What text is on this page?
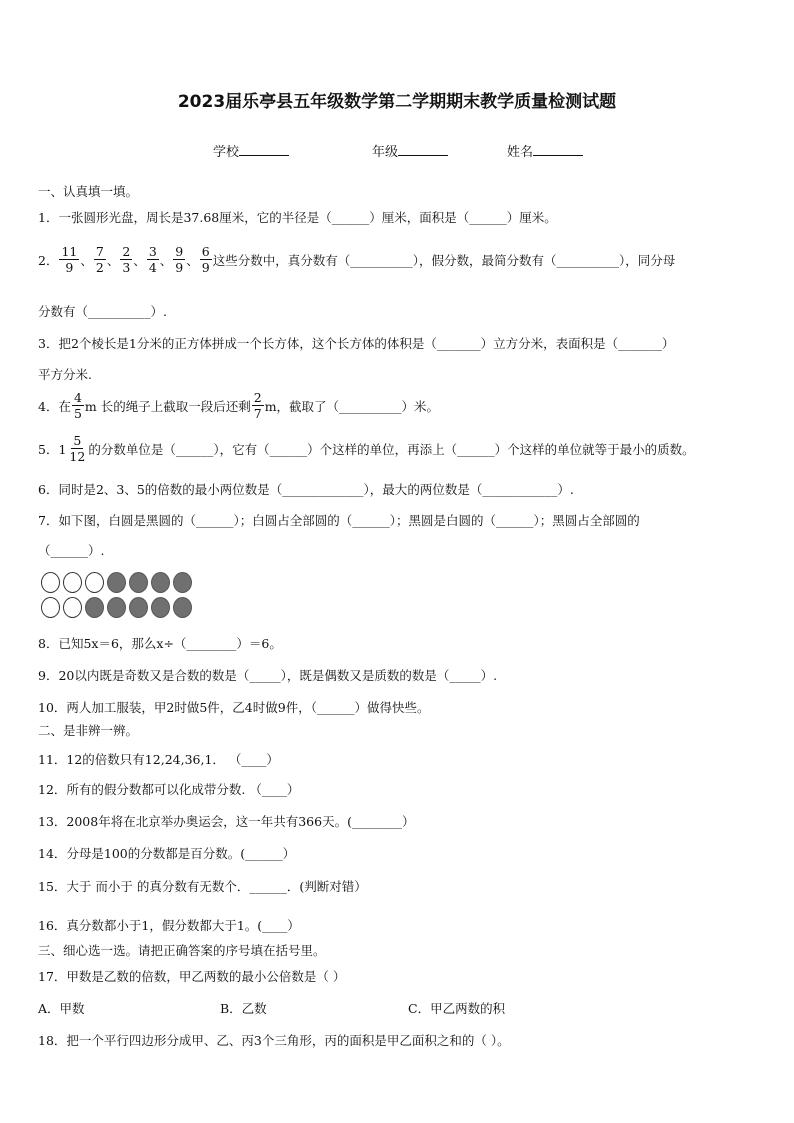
2023届乐亭县五年级数学第二学期期末教学质量检测试题
学校	年级	姓名
一、认真填一填。
1．一张圆形光盘，周长是37.68厘米，它的半径是（______）厘米，面积是（______）厘米。
2． $\frac{11}{9}$ 、 $\frac{7}{2}$ 、 $\frac{2}{3}$ 、 $\frac{3}{4}$ 、 $\frac{9}{9}$ 、 $\frac{6}{9}$ 这些分数中，真分数有（__________），假分数，最简分数有（__________），同分母
分数有（__________）.
3．把2个棱长是1分米的正方体拼成一个长方体，这个长方体的体积是（_______）立方分米，表面积是（_______）
平方分米.
4．在 $\frac{4}{5}$ m 长的绳子上截取一段后还剩 $\frac{2}{7}$ m，截取了（__________）米。
5．$1 \frac{5}{12}$ 的分数单位是（______），它有（______）个这样的单位，再添上（______）个这样的单位就等于最小的质数。
6．同时是2、3、5的倍数的最小两位数是（_____________），最大的两位数是（____________）.
7．如下图，白圆是黑圆的（______）；白圆占全部圆的（______）；黑圆是白圆的（______）；黑圆占全部圆的
（______）.
8．已知5x＝6，那么x÷（________）＝6。
9．20以内既是奇数又是合数的数是（_____），既是偶数又是质数的数是（_____）.
10．两人加工服装，甲2时做5件，乙4时做9件，（______）做得快些。
二、是非辨一辨。
11．12的倍数只有12,24,36,1． （____）
12．所有的假分数都可以化成带分数. （____）
13．2008年将在北京举办奥运会，这一年共有366天。(________）
14．分母是100的分数都是百分数。(______）
15．大于 而小于 的真分数有无数个．______．(判断对错）
16．真分数都小于1，假分数都大于1。(____）
三、细心选一选。请把正确答案的序号填在括号里。
17．甲数是乙数的倍数，甲乙两数的最小公倍数是（ ）
A．甲数	B．乙数	C．甲乙两数的积
18．把一个平行四边形分成甲、乙、丙3个三角形，丙的面积是甲乙面积之和的（ ）。
